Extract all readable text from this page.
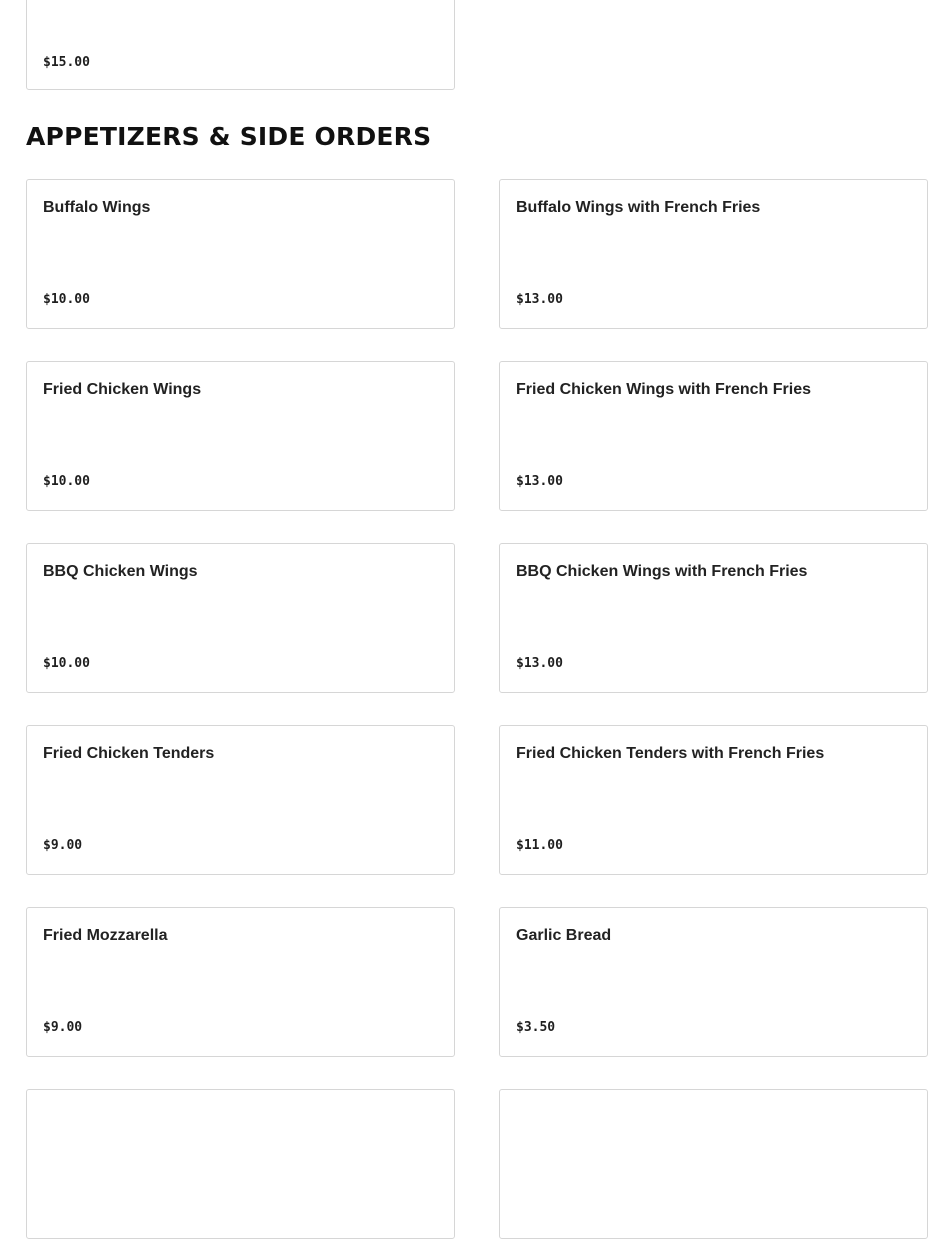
$15.00
APPETIZERS & SIDE ORDERS
Buffalo Wings
$10.00
Buffalo Wings with French Fries
$13.00
Fried Chicken Wings
$10.00
Fried Chicken Wings with French Fries
$13.00
BBQ Chicken Wings
$10.00
BBQ Chicken Wings with French Fries
$13.00
Fried Chicken Tenders
$9.00
Fried Chicken Tenders with French Fries
$11.00
Fried Mozzarella
$9.00
Garlic Bread
$3.50
